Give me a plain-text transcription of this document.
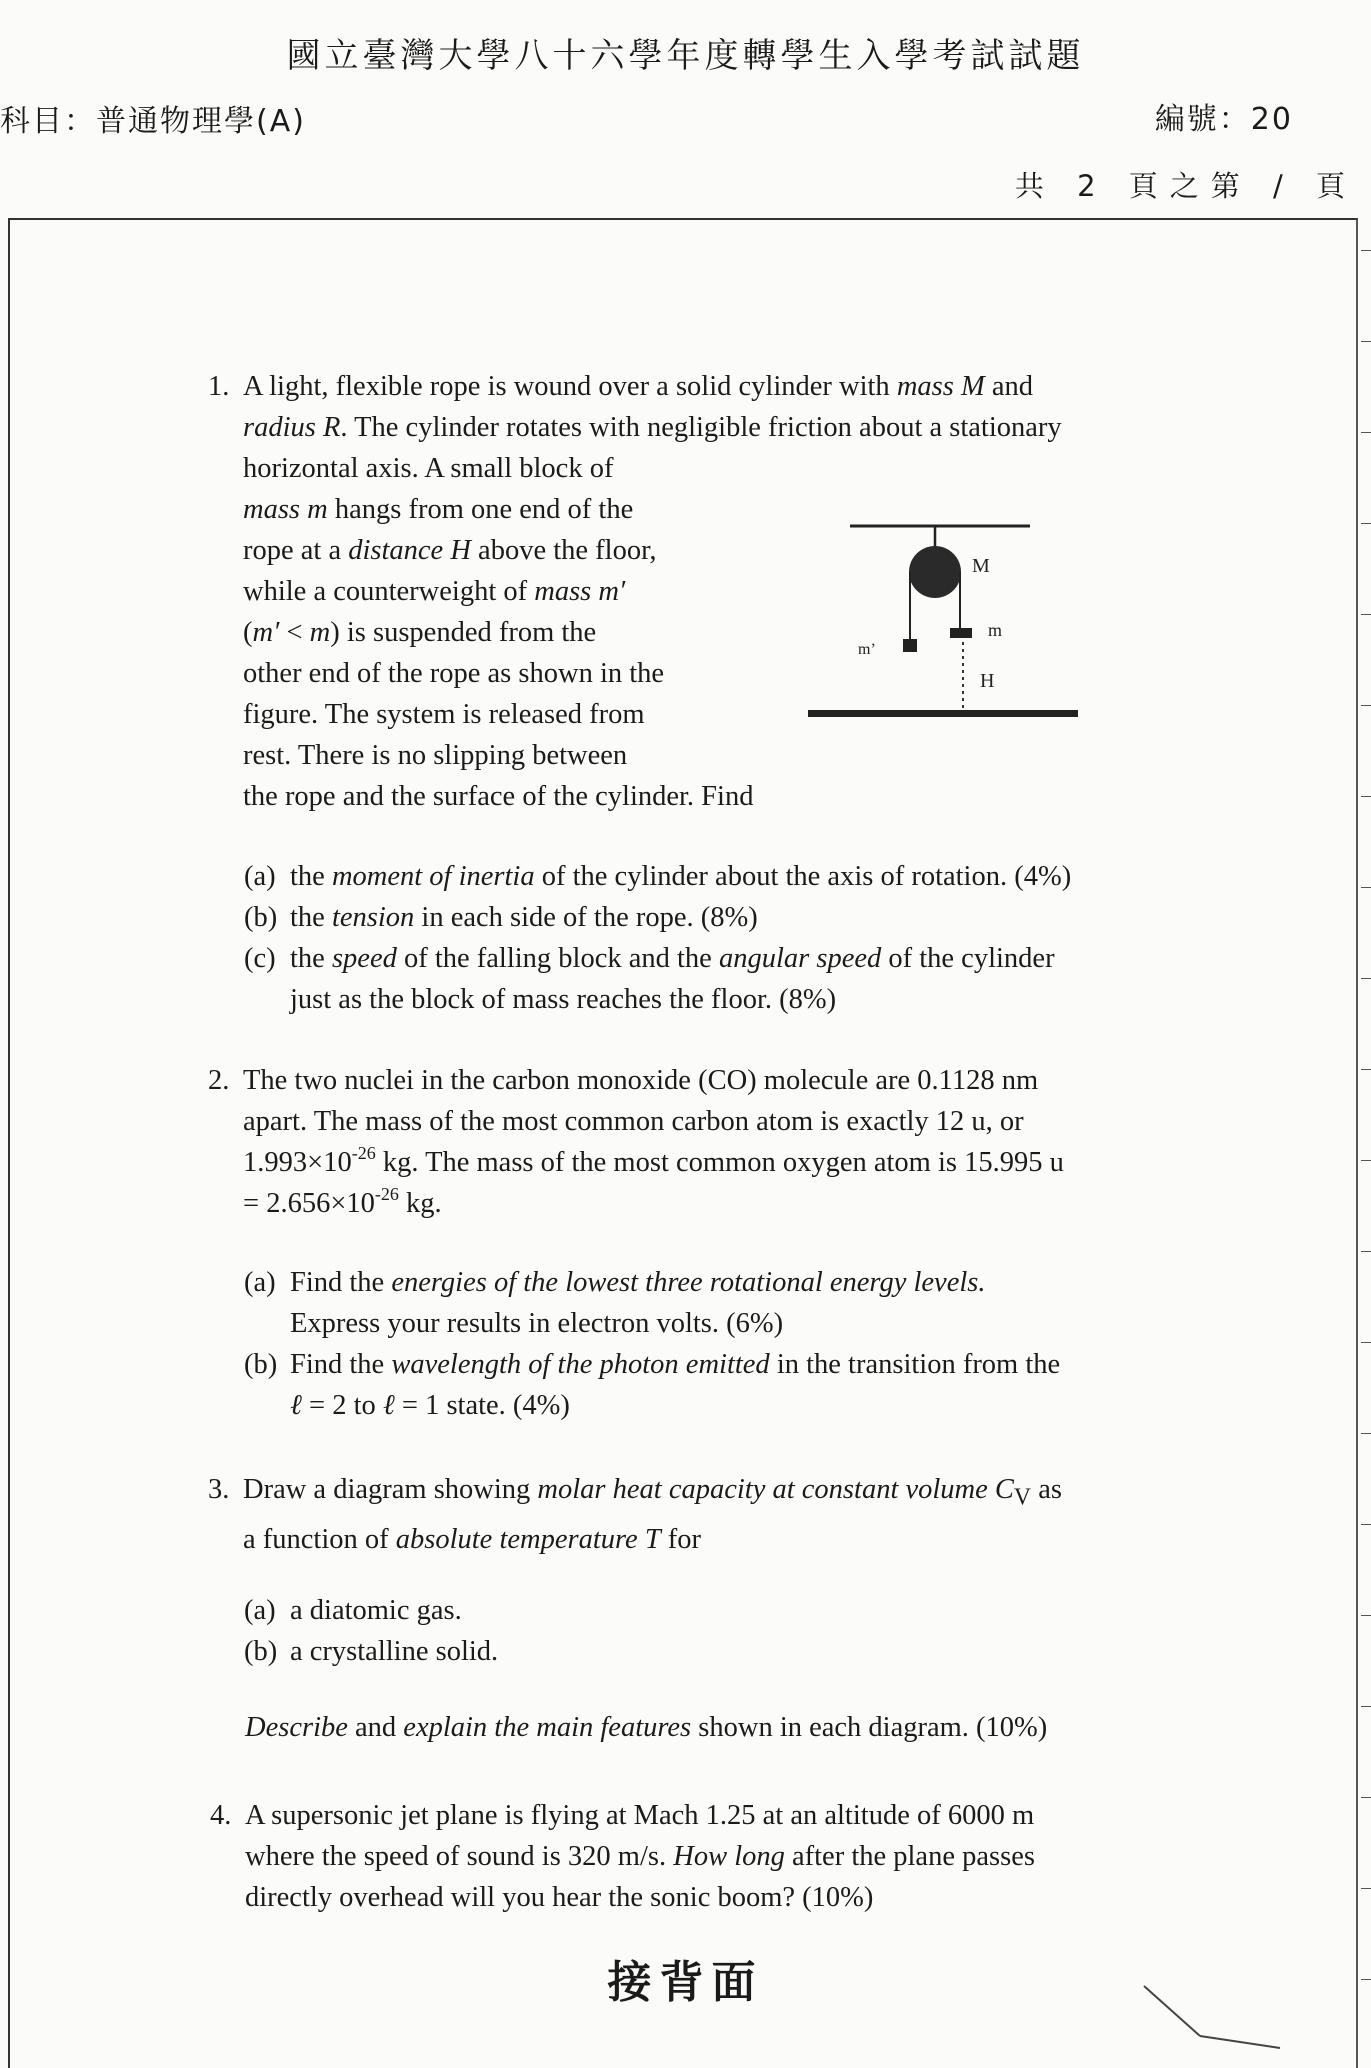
國立臺灣大學八十六學年度轉學生入學考試試題
科目：普通物理學(A)	編號：20
共 2 頁之第 / 頁
1. A light, flexible rope is wound over a solid cylinder with mass M and
radius R. The cylinder rotates with negligible friction about a stationary
horizontal axis. A small block of
mass m hangs from one end of the
rope at a distance H above the floor,
while a counterweight of mass m′
(m′ < m) is suspended from the
other end of the rope as shown in the
figure. The system is released from
rest. There is no slipping between
the rope and the surface of the cylinder. Find
M
m
m’
H
(a) the moment of inertia of the cylinder about the axis of rotation. (4%)
(b) the tension in each side of the rope. (8%)
(c) the speed of the falling block and the angular speed of the cylinder
just as the block of mass reaches the floor. (8%)
2. The two nuclei in the carbon monoxide (CO) molecule are 0.1128 nm
apart. The mass of the most common carbon atom is exactly 12 u, or
$1.993\times 10^{-26}$ kg. The mass of the most common oxygen atom is 15.995 u
= $2.656\times 10^{-26}$ kg.
(a) Find the energies of the lowest three rotational energy levels.
Express your results in electron volts. (6%)
(b) Find the wavelength of the photon emitted in the transition from the
ℓ = 2 to ℓ = 1 state. (4%)
3. Draw a diagram showing molar heat capacity at constant volume $C_V$ as
a function of absolute temperature T for
(a) a diatomic gas.
(b) a crystalline solid.
Describe and explain the main features shown in each diagram. (10%)
4. A supersonic jet plane is flying at Mach 1.25 at an altitude of 6000 m
where the speed of sound is 320 m/s. How long after the plane passes
directly overhead will you hear the sonic boom? (10%)
接背面
